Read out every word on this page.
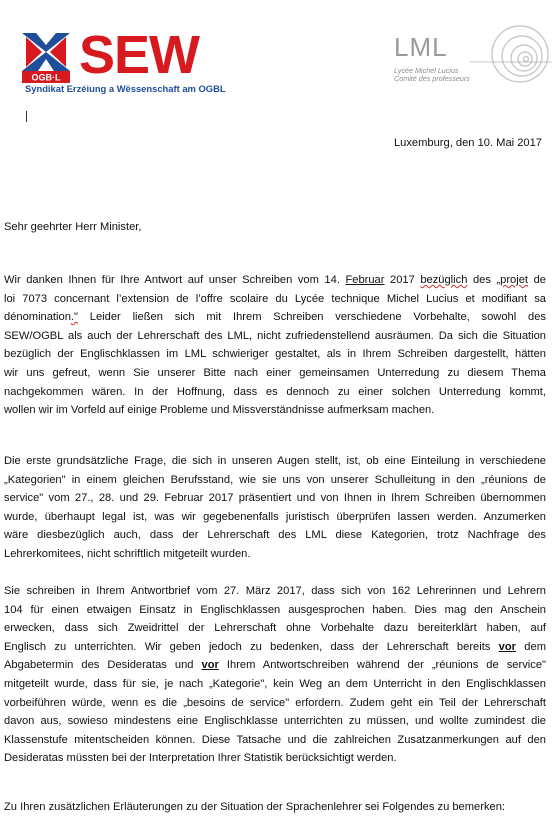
OGB·L SEW
Syndikat Erzéiung a Wëssenschaft am OGBL
LML
Lycée Michel Lucius
Comité des professeurs
Luxemburg, den 10. Mai 2017
Sehr geehrter Herr Minister,
Wir danken Ihnen für Ihre Antwort auf unser Schreiben vom 14. Februar 2017 bezüglich des „projet de
loi 7073 concernant l’extension de l’offre scolaire du Lycée technique Michel Lucius et modifiant sa
dénomination." Leider ließen sich mit Ihrem Schreiben verschiedene Vorbehalte, sowohl des
SEW/OGBL als auch der Lehrerschaft des LML, nicht zufriedenstellend ausräumen. Da sich die Situation
bezüglich der Englischklassen im LML schwieriger gestaltet, als in Ihrem Schreiben dargestellt, hätten
wir uns gefreut, wenn Sie unserer Bitte nach einer gemeinsamen Unterredung zu diesem Thema
nachgekommen wären. In der Hoffnung, dass es dennoch zu einer solchen Unterredung kommt,
wollen wir im Vorfeld auf einige Probleme und Missverständnisse aufmerksam machen.
Die erste grundsätzliche Frage, die sich in unseren Augen stellt, ist, ob eine Einteilung in verschiedene
„Kategorien" in einem gleichen Berufsstand, wie sie uns von unserer Schulleitung in den „réunions de
service" vom 27., 28. und 29. Februar 2017 präsentiert und von Ihnen in Ihrem Schreiben übernommen
wurde, überhaupt legal ist, was wir gegebenenfalls juristisch überprüfen lassen werden. Anzumerken
wäre diesbezüglich auch, dass der Lehrerschaft des LML diese Kategorien, trotz Nachfrage des
Lehrerkomitees, nicht schriftlich mitgeteilt wurden.
Sie schreiben in Ihrem Antwortbrief vom 27. März 2017, dass sich von 162 Lehrerinnen und Lehrern
104 für einen etwaigen Einsatz in Englischklassen ausgesprochen haben. Dies mag den Anschein
erwecken, dass sich Zweidrittel der Lehrerschaft ohne Vorbehalte dazu bereiterklärt haben, auf
Englisch zu unterrichten. Wir geben jedoch zu bedenken, dass der Lehrerschaft bereits vor dem
Abgabetermin des Desideratas und vor Ihrem Antwortschreiben während der „réunions de service"
mitgeteilt wurde, dass für sie, je nach „Kategorie", kein Weg an dem Unterricht in den Englischklassen
vorbeiführen würde, wenn es die „besoins de service" erfordern. Zudem geht ein Teil der Lehrerschaft
davon aus, sowieso mindestens eine Englischklasse unterrichten zu müssen, und wollte zumindest die
Klassenstufe mitentscheiden können. Diese Tatsache und die zahlreichen Zusatzanmerkungen auf den
Desideratas müssten bei der Interpretation Ihrer Statistik berücksichtigt werden.
Zu Ihren zusätzlichen Erläuterungen zu der Situation der Sprachenlehrer sei Folgendes zu bemerken:
